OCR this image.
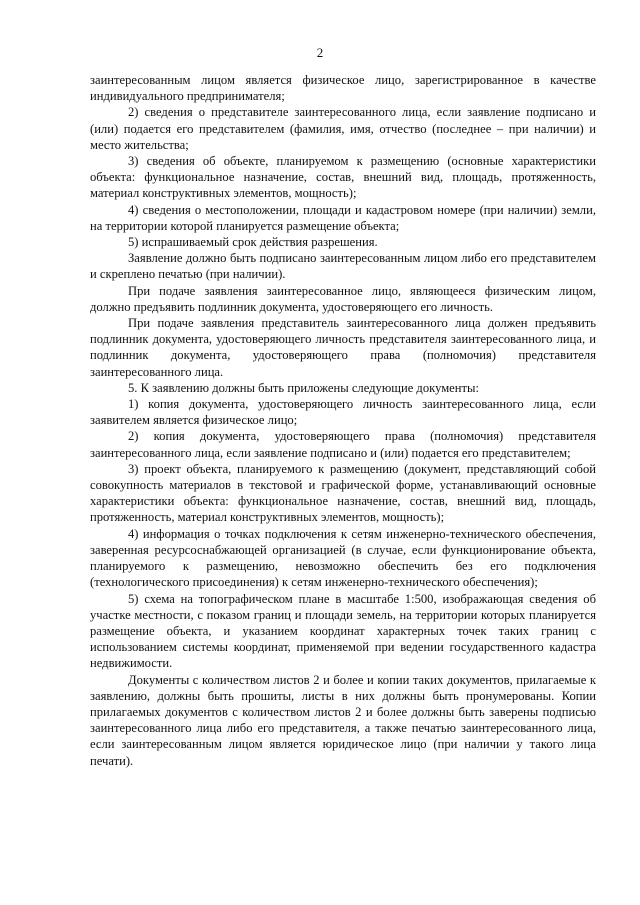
2

заинтересованным лицом является физическое лицо, зарегистрированное в качестве индивидуального предпринимателя;

2) сведения о представителе заинтересованного лица, если заявление подписано и (или) подается его представителем (фамилия, имя, отчество (последнее – при наличии) и место жительства;

3) сведения об объекте, планируемом к размещению (основные характеристики объекта: функциональное назначение, состав, внешний вид, площадь, протяженность, материал конструктивных элементов, мощность);

4) сведения о местоположении, площади и кадастровом номере (при наличии) земли, на территории которой планируется размещение объекта;

5) испрашиваемый срок действия разрешения.

Заявление должно быть подписано заинтересованным лицом либо его представителем и скреплено печатью (при наличии).

При подаче заявления заинтересованное лицо, являющееся физическим лицом, должно предъявить подлинник документа, удостоверяющего его личность.

При подаче заявления представитель заинтересованного лица должен предъявить подлинник документа, удостоверяющего личность представителя заинтересованного лица, и подлинник документа, удостоверяющего права (полномочия) представителя заинтересованного лица.

5. К заявлению должны быть приложены следующие документы:

1) копия документа, удостоверяющего личность заинтересованного лица, если заявителем является физическое лицо;

2) копия документа, удостоверяющего права (полномочия) представителя заинтересованного лица, если заявление подписано и (или) подается его представителем;

3) проект объекта, планируемого к размещению (документ, представляющий собой совокупность материалов в текстовой и графической форме, устанавливающий основные характеристики объекта: функциональное назначение, состав, внешний вид, площадь, протяженность, материал конструктивных элементов, мощность);

4) информация о точках подключения к сетям инженерно-технического обеспечения, заверенная ресурсоснабжающей организацией (в случае, если функционирование объекта, планируемого к размещению, невозможно обеспечить без его подключения (технологического присоединения) к сетям инженерно-технического обеспечения);

5) схема на топографическом плане в масштабе 1:500, изображающая сведения об участке местности, с показом границ и площади земель, на территории которых планируется размещение объекта, и указанием координат характерных точек таких границ с использованием системы координат, применяемой при ведении государственного кадастра недвижимости.

Документы с количеством листов 2 и более и копии таких документов, прилагаемые к заявлению, должны быть прошиты, листы в них должны быть пронумерованы. Копии прилагаемых документов с количеством листов 2 и более должны быть заверены подписью заинтересованного лица либо его представителя, а также печатью заинтересованного лица, если заинтересованным лицом является юридическое лицо (при наличии у такого лица печати).
